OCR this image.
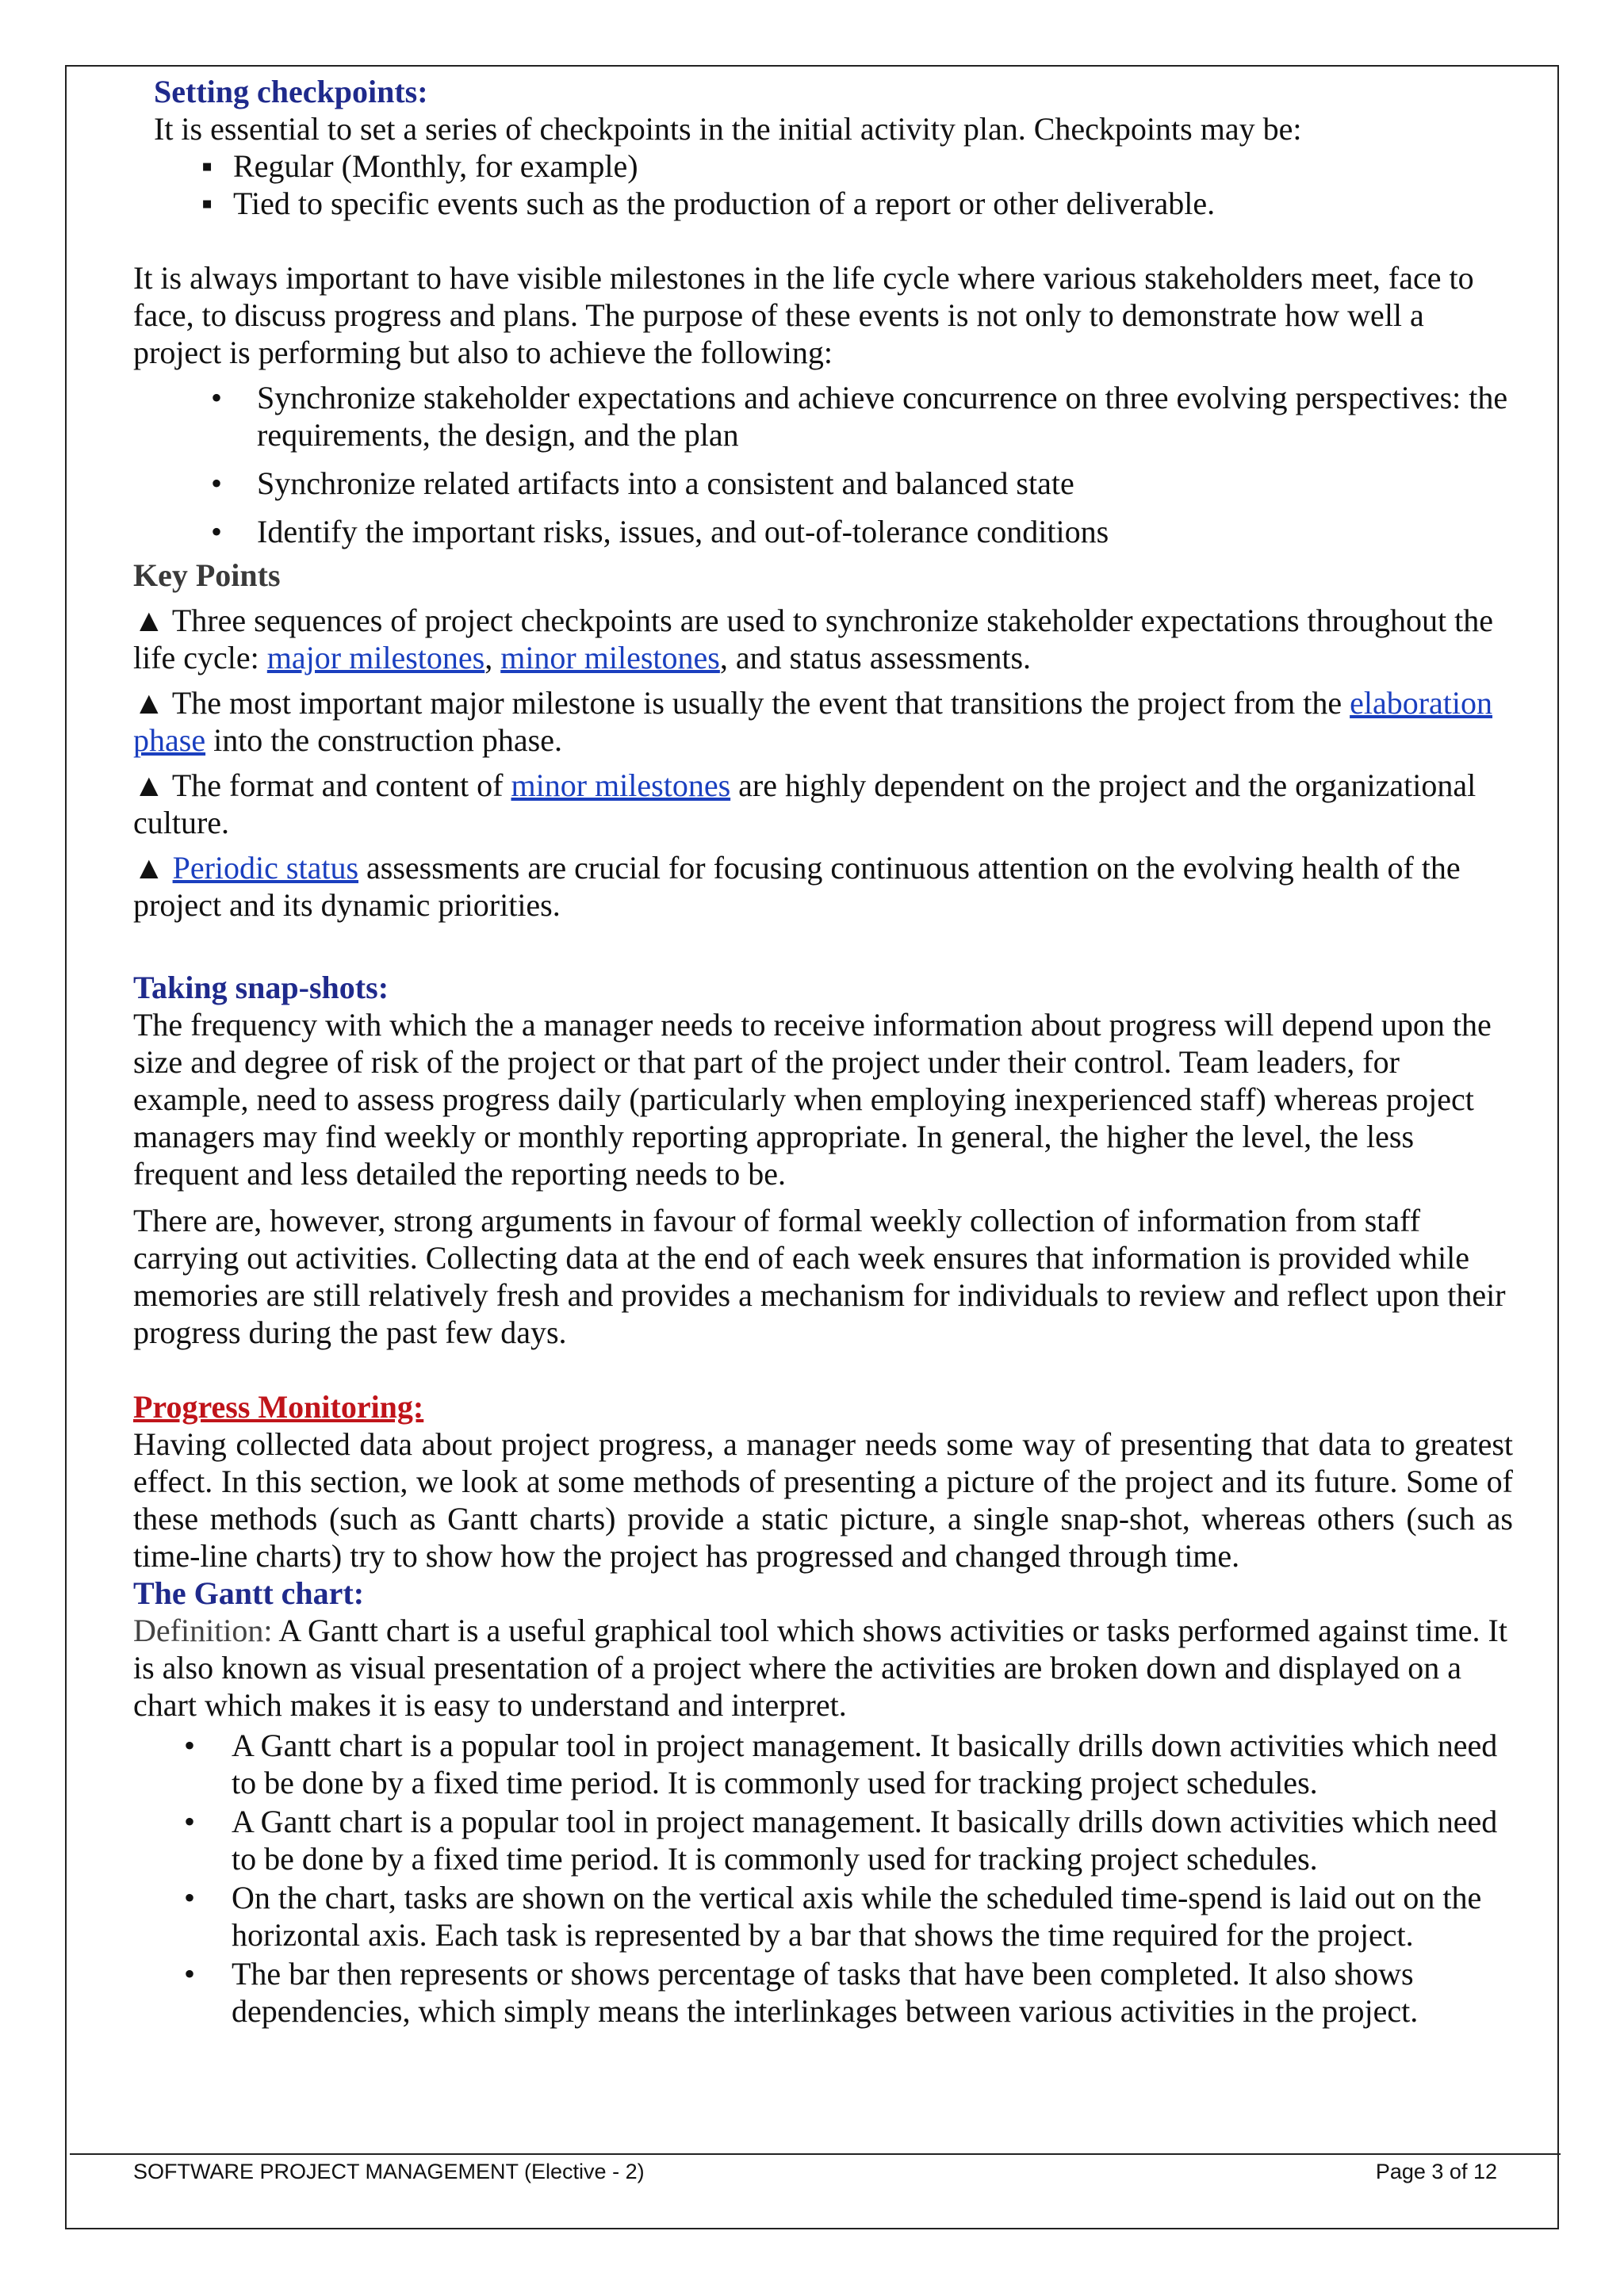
Setting checkpoints:

It is essential to set a series of checkpoints in the initial activity plan. Checkpoints may be:

▪ Regular (Monthly, for example)
▪ Tied to specific events such as the production of a report or other deliverable.

It is always important to have visible milestones in the life cycle where various stakeholders meet, face to face, to discuss progress and plans. The purpose of these events is not only to demonstrate how well a project is performing but also to achieve the following:

• Synchronize stakeholder expectations and achieve concurrence on three evolving perspectives: the requirements, the design, and the plan
• Synchronize related artifacts into a consistent and balanced state
• Identify the important risks, issues, and out-of-tolerance conditions

Key Points

▲ Three sequences of project checkpoints are used to synchronize stakeholder expectations throughout the life cycle: major milestones, minor milestones, and status assessments.

▲ The most important major milestone is usually the event that transitions the project from the elaboration phase into the construction phase.

▲ The format and content of minor milestones are highly dependent on the project and the organizational culture.

▲ Periodic status assessments are crucial for focusing continuous attention on the evolving health of the project and its dynamic priorities.

Taking snap-shots:

The frequency with which the a manager needs to receive information about progress will depend upon the size and degree of risk of the project or that part of the project under their control. Team leaders, for example, need to assess progress daily (particularly when employing inexperienced staff) whereas project managers may find weekly or monthly reporting appropriate. In general, the higher the level, the less frequent and less detailed the reporting needs to be.

There are, however, strong arguments in favour of formal weekly collection of information from staff carrying out activities. Collecting data at the end of each week ensures that information is provided while memories are still relatively fresh and provides a mechanism for individuals to review and reflect upon their progress during the past few days.

Progress Monitoring:

Having collected data about project progress, a manager needs some way of presenting that data to greatest effect. In this section, we look at some methods of presenting a picture of the project and its future. Some of these methods (such as Gantt charts) provide a static picture, a single snap-shot, whereas others (such as time-line charts) try to show how the project has progressed and changed through time.

The Gantt chart:

Definition: A Gantt chart is a useful graphical tool which shows activities or tasks performed against time. It is also known as visual presentation of a project where the activities are broken down and displayed on a chart which makes it is easy to understand and interpret.

• A Gantt chart is a popular tool in project management. It basically drills down activities which need to be done by a fixed time period. It is commonly used for tracking project schedules.
• A Gantt chart is a popular tool in project management. It basically drills down activities which need to be done by a fixed time period. It is commonly used for tracking project schedules.
• On the chart, tasks are shown on the vertical axis while the scheduled time-spend is laid out on the horizontal axis. Each task is represented by a bar that shows the time required for the project.
• The bar then represents or shows percentage of tasks that have been completed. It also shows dependencies, which simply means the interlinkages between various activities in the project.
SOFTWARE PROJECT MANAGEMENT (Elective - 2)	Page 3 of 12
